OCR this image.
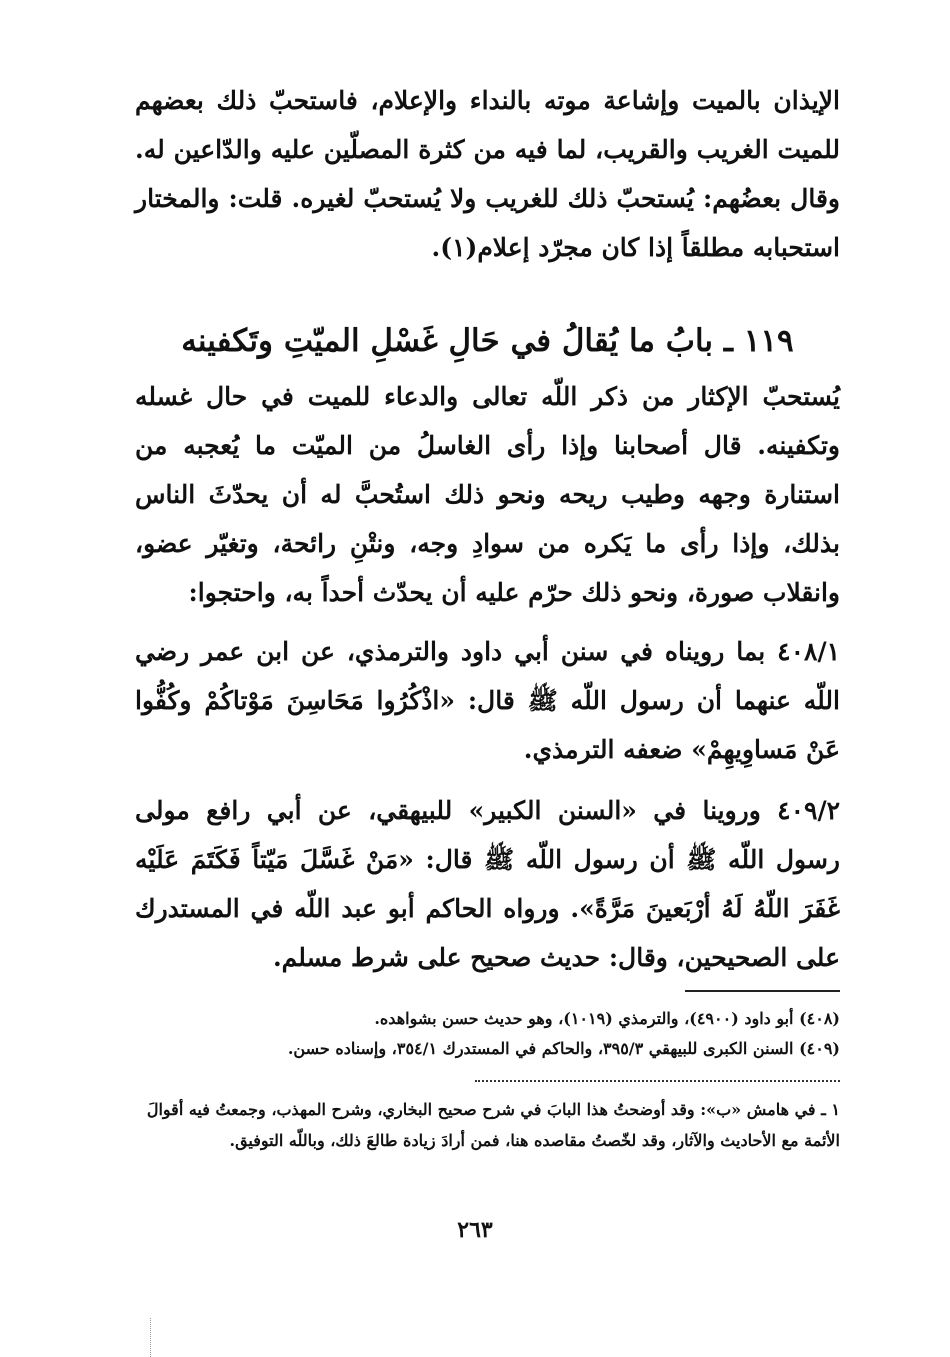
الإيذان بالميت وإشاعة موته بالنداء والإعلام، فاستحبّ ذلك بعضهم للميت الغريب والقريب، لما فيه من كثرة المصلّين عليه والدّاعين له. وقال بعضُهم: يُستحبّ ذلك للغريب ولا يُستحبّ لغيره. قلت: والمختار استحبابه مطلقاً إذا كان مجرّد إعلام(١).

١١٩ ـ بابُ ما يُقالُ في حَالِ غَسْلِ الميّتِ وتَكفينه

يُستحبّ الإكثار من ذكر اللّه تعالى والدعاء للميت في حال غسله وتكفينه. قال أصحابنا وإذا رأى الغاسلُ من الميّت ما يُعجبه من استنارة وجهه وطيب ريحه ونحو ذلك استُحبَّ له أن يحدّثَ الناس بذلك، وإذا رأى ما يَكره من سوادِ وجه، ونتْنِ رائحة، وتغيّر عضو، وانقلاب صورة، ونحو ذلك حرّم عليه أن يحدّث أحداً به، واحتجوا:

٤٠٨/١ بما رويناه في سنن أبي داود والترمذي، عن ابن عمر رضي اللّه عنهما أن رسول اللّه ﷺ قال: «اذْكُرُوا مَحَاسِنَ مَوْتاكُمْ وكُفُّوا عَنْ مَساوِيهِمْ» ضعفه الترمذي.

٤٠٩/٢ وروينا في «السنن الكبير» للبيهقي، عن أبي رافع مولى رسول اللّه ﷺ أن رسول اللّه ﷺ قال: «مَنْ غَسَّلَ مَيّتاً فَكَتَمَ عَلَيْه غَفَرَ اللّهُ لَهُ أرْبَعينَ مَرَّةً». ورواه الحاكم أبو عبد اللّه في المستدرك على الصحيحين، وقال: حديث صحيح على شرط مسلم.

(٤٠٨) أبو داود (٤٩٠٠)، والترمذي (١٠١٩)، وهو حديث حسن بشواهده.

(٤٠٩) السنن الكبرى للبيهقي ٣٩٥/٣، والحاكم في المستدرك ٣٥٤/١، وإسناده حسن.

١ ـ في هامش «ب»: وقد أوضحتُ هذا البابَ في شرح صحيح البخاري، وشرح المهذب، وجمعتُ فيه أقوالَ الأئمة مع الأحاديث والآثار، وقد لخّصتُ مقاصده هنا، فمن أرادَ زيادة طالعَ ذلك، وباللّه التوفيق.

٢٦٣
